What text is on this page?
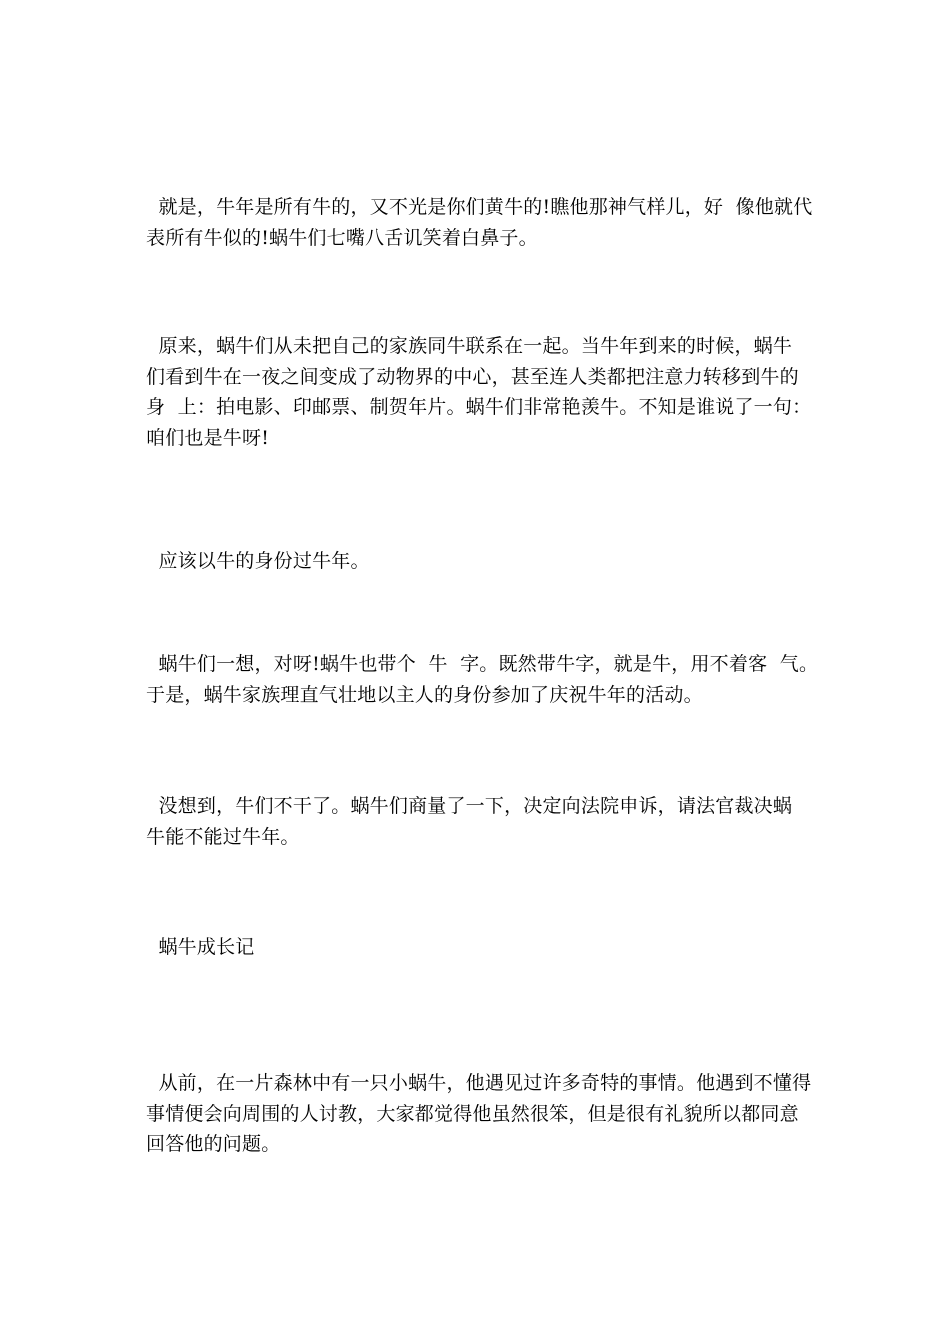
就是，牛年是所有牛的，又不光是你们黄牛的!瞧他那神气样儿，好  像他就代
表所有牛似的!蜗牛们七嘴八舌讥笑着白鼻子。
原来，蜗牛们从未把自己的家族同牛联系在一起。当牛年到来的时候，蜗牛
们看到牛在一夜之间变成了动物界的中心，甚至连人类都把注意力转移到牛的
身  上：拍电影、印邮票、制贺年片。蜗牛们非常艳羡牛。不知是谁说了一句：
咱们也是牛呀!
应该以牛的身份过牛年。
蜗牛们一想，对呀!蜗牛也带个  牛  字。既然带牛字，就是牛，用不着客  气。
于是，蜗牛家族理直气壮地以主人的身份参加了庆祝牛年的活动。
没想到，牛们不干了。蜗牛们商量了一下，决定向法院申诉，请法官裁决蜗
牛能不能过牛年。
蜗牛成长记
从前，在一片森林中有一只小蜗牛，他遇见过许多奇特的事情。他遇到不懂得
事情便会向周围的人讨教，大家都觉得他虽然很笨，但是很有礼貌所以都同意
回答他的问题。
